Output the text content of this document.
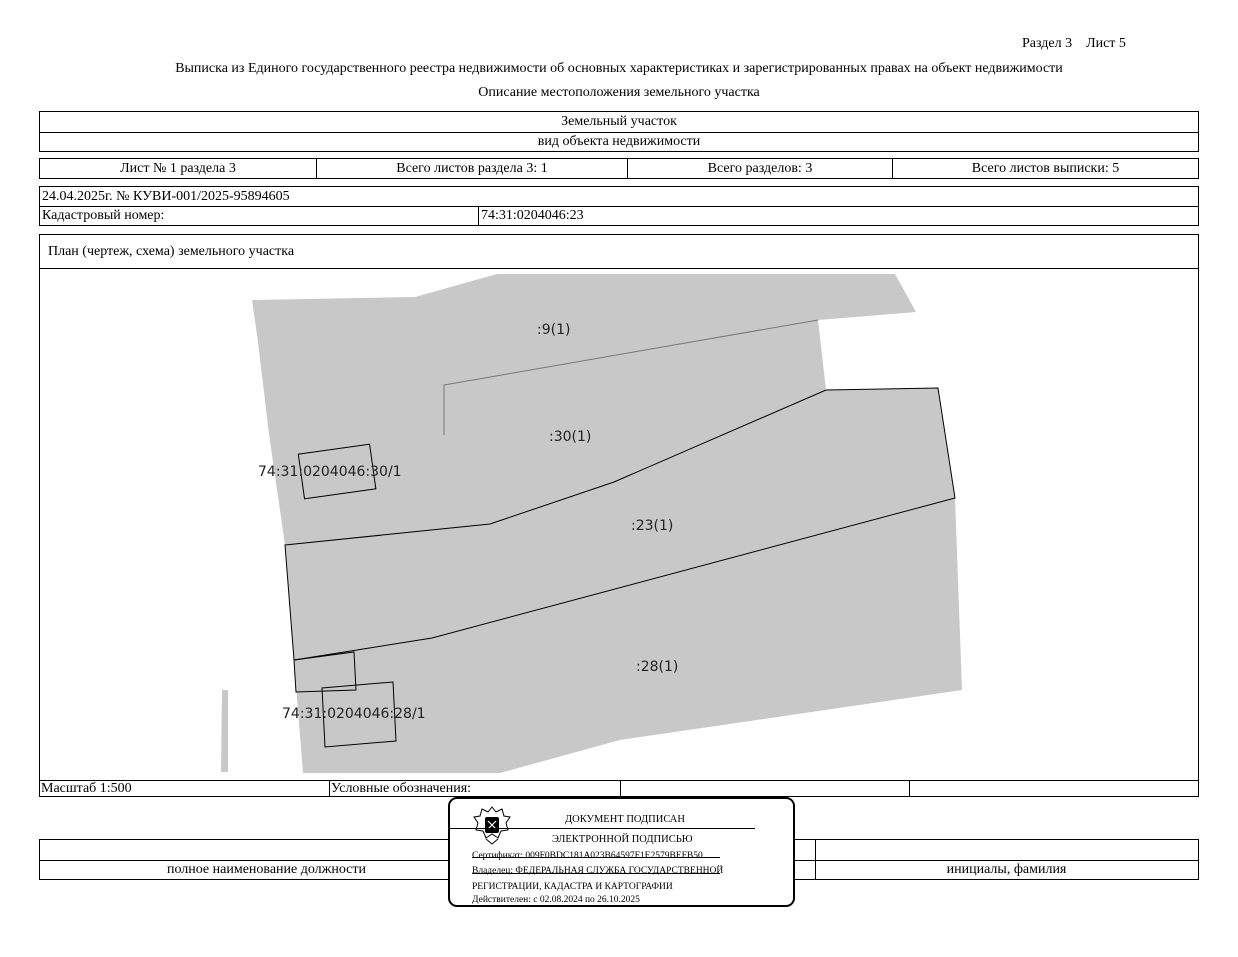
Раздел 3 Лист 5
Выписка из Единого государственного реестра недвижимости об основных характеристиках и зарегистрированных правах на объект недвижимости
Описание местоположения земельного участка
Земельный участок
вид объекта недвижимости
Лист № 1 раздела 3	Всего листов раздела 3: 1	Всего разделов: 3	Всего листов выписки: 5
24.04.2025г. № КУВИ-001/2025-95894605
Кадастровый номер:	74:31:0204046:23
План (чертеж, схема) земельного участка
Масштаб 1:500	Условные обозначения:
:9(1)
:30(1)
:23(1)
:28(1)
74:31:0204046:30/1
74:31:0204046:28/1
полное наименование должности	инициалы, фамилия
ДОКУМЕНТ ПОДПИСАН
ЭЛЕКТРОННОЙ ПОДПИСЬЮ
Сертификат: 009F0BDC181A023B64597F1E2579BEFB50
Владелец: ФЕДЕРАЛЬНАЯ СЛУЖБА ГОСУДАРСТВЕННОЙ
РЕГИСТРАЦИИ, КАДАСТРА И КАРТОГРАФИИ
Действителен: с 02.08.2024 по 26.10.2025
